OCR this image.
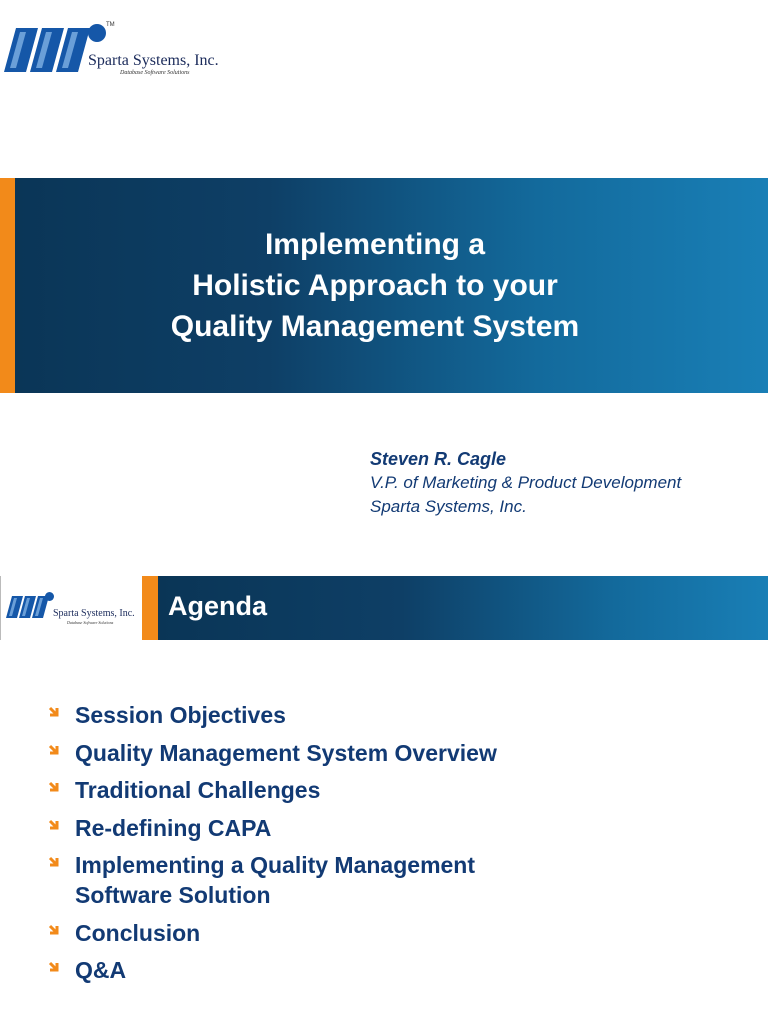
TM
Sparta Systems, Inc.
Database Software Solutions
Implementing a
Holistic Approach to your
Quality Management System
Steven R. Cagle
V.P. of Marketing & Product Development
Sparta Systems, Inc.
Sparta Systems, Inc.
Database Software Solutions
Agenda
Session Objectives
Quality Management System Overview
Traditional Challenges
Re-defining CAPA
Implementing a Quality Management Software Solution
Conclusion
Q&A
